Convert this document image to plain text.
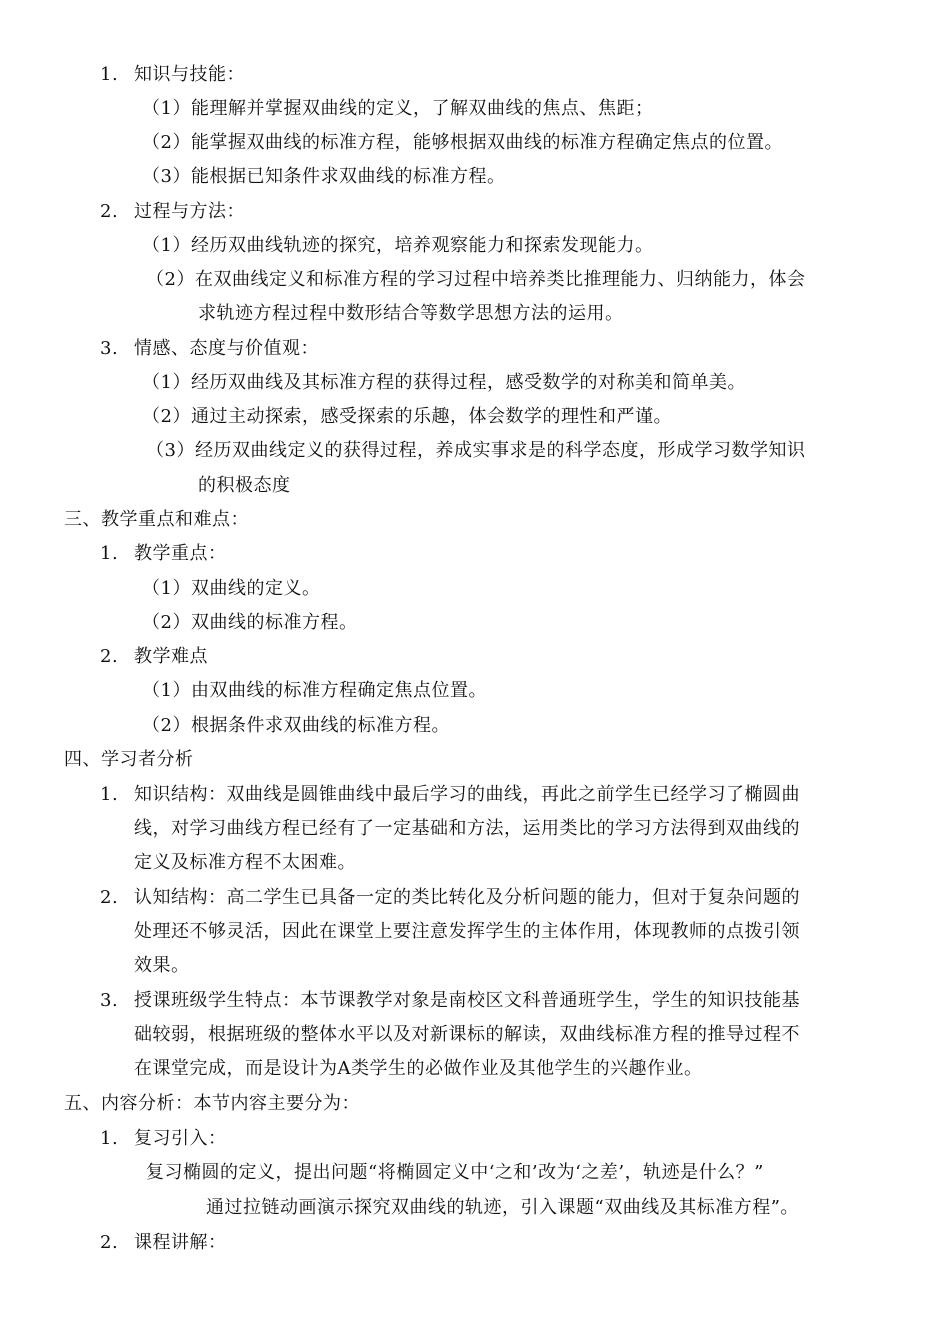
1. 知识与技能：
（1）能理解并掌握双曲线的定义，了解双曲线的焦点、焦距；
（2）能掌握双曲线的标准方程，能够根据双曲线的标准方程确定焦点的位置。
（3）能根据已知条件求双曲线的标准方程。
2. 过程与方法：
（1）经历双曲线轨迹的探究，培养观察能力和探索发现能力。
（2）在双曲线定义和标准方程的学习过程中培养类比推理能力、归纳能力，体会
求轨迹方程过程中数形结合等数学思想方法的运用。
3. 情感、态度与价值观：
（1）经历双曲线及其标准方程的获得过程，感受数学的对称美和简单美。
（2）通过主动探索，感受探索的乐趣，体会数学的理性和严谨。
（3）经历双曲线定义的获得过程，养成实事求是的科学态度，形成学习数学知识
的积极态度
三、教学重点和难点：
1. 教学重点：
（1）双曲线的定义。
（2）双曲线的标准方程。
2. 教学难点
（1）由双曲线的标准方程确定焦点位置。
（2）根据条件求双曲线的标准方程。
四、学习者分析
1. 知识结构：双曲线是圆锥曲线中最后学习的曲线，再此之前学生已经学习了椭圆曲
线，对学习曲线方程已经有了一定基础和方法，运用类比的学习方法得到双曲线的
定义及标准方程不太困难。
2. 认知结构：高二学生已具备一定的类比转化及分析问题的能力，但对于复杂问题的
处理还不够灵活，因此在课堂上要注意发挥学生的主体作用，体现教师的点拨引领
效果。
3. 授课班级学生特点：本节课教学对象是南校区文科普通班学生，学生的知识技能基
础较弱，根据班级的整体水平以及对新课标的解读，双曲线标准方程的推导过程不
在课堂完成，而是设计为A类学生的必做作业及其他学生的兴趣作业。
五、内容分析：本节内容主要分为：
1. 复习引入：
复习椭圆的定义，提出问题“将椭圆定义中‘之和’改为‘之差’，轨迹是什么？”
通过拉链动画演示探究双曲线的轨迹，引入课题“双曲线及其标准方程”。
2. 课程讲解：
